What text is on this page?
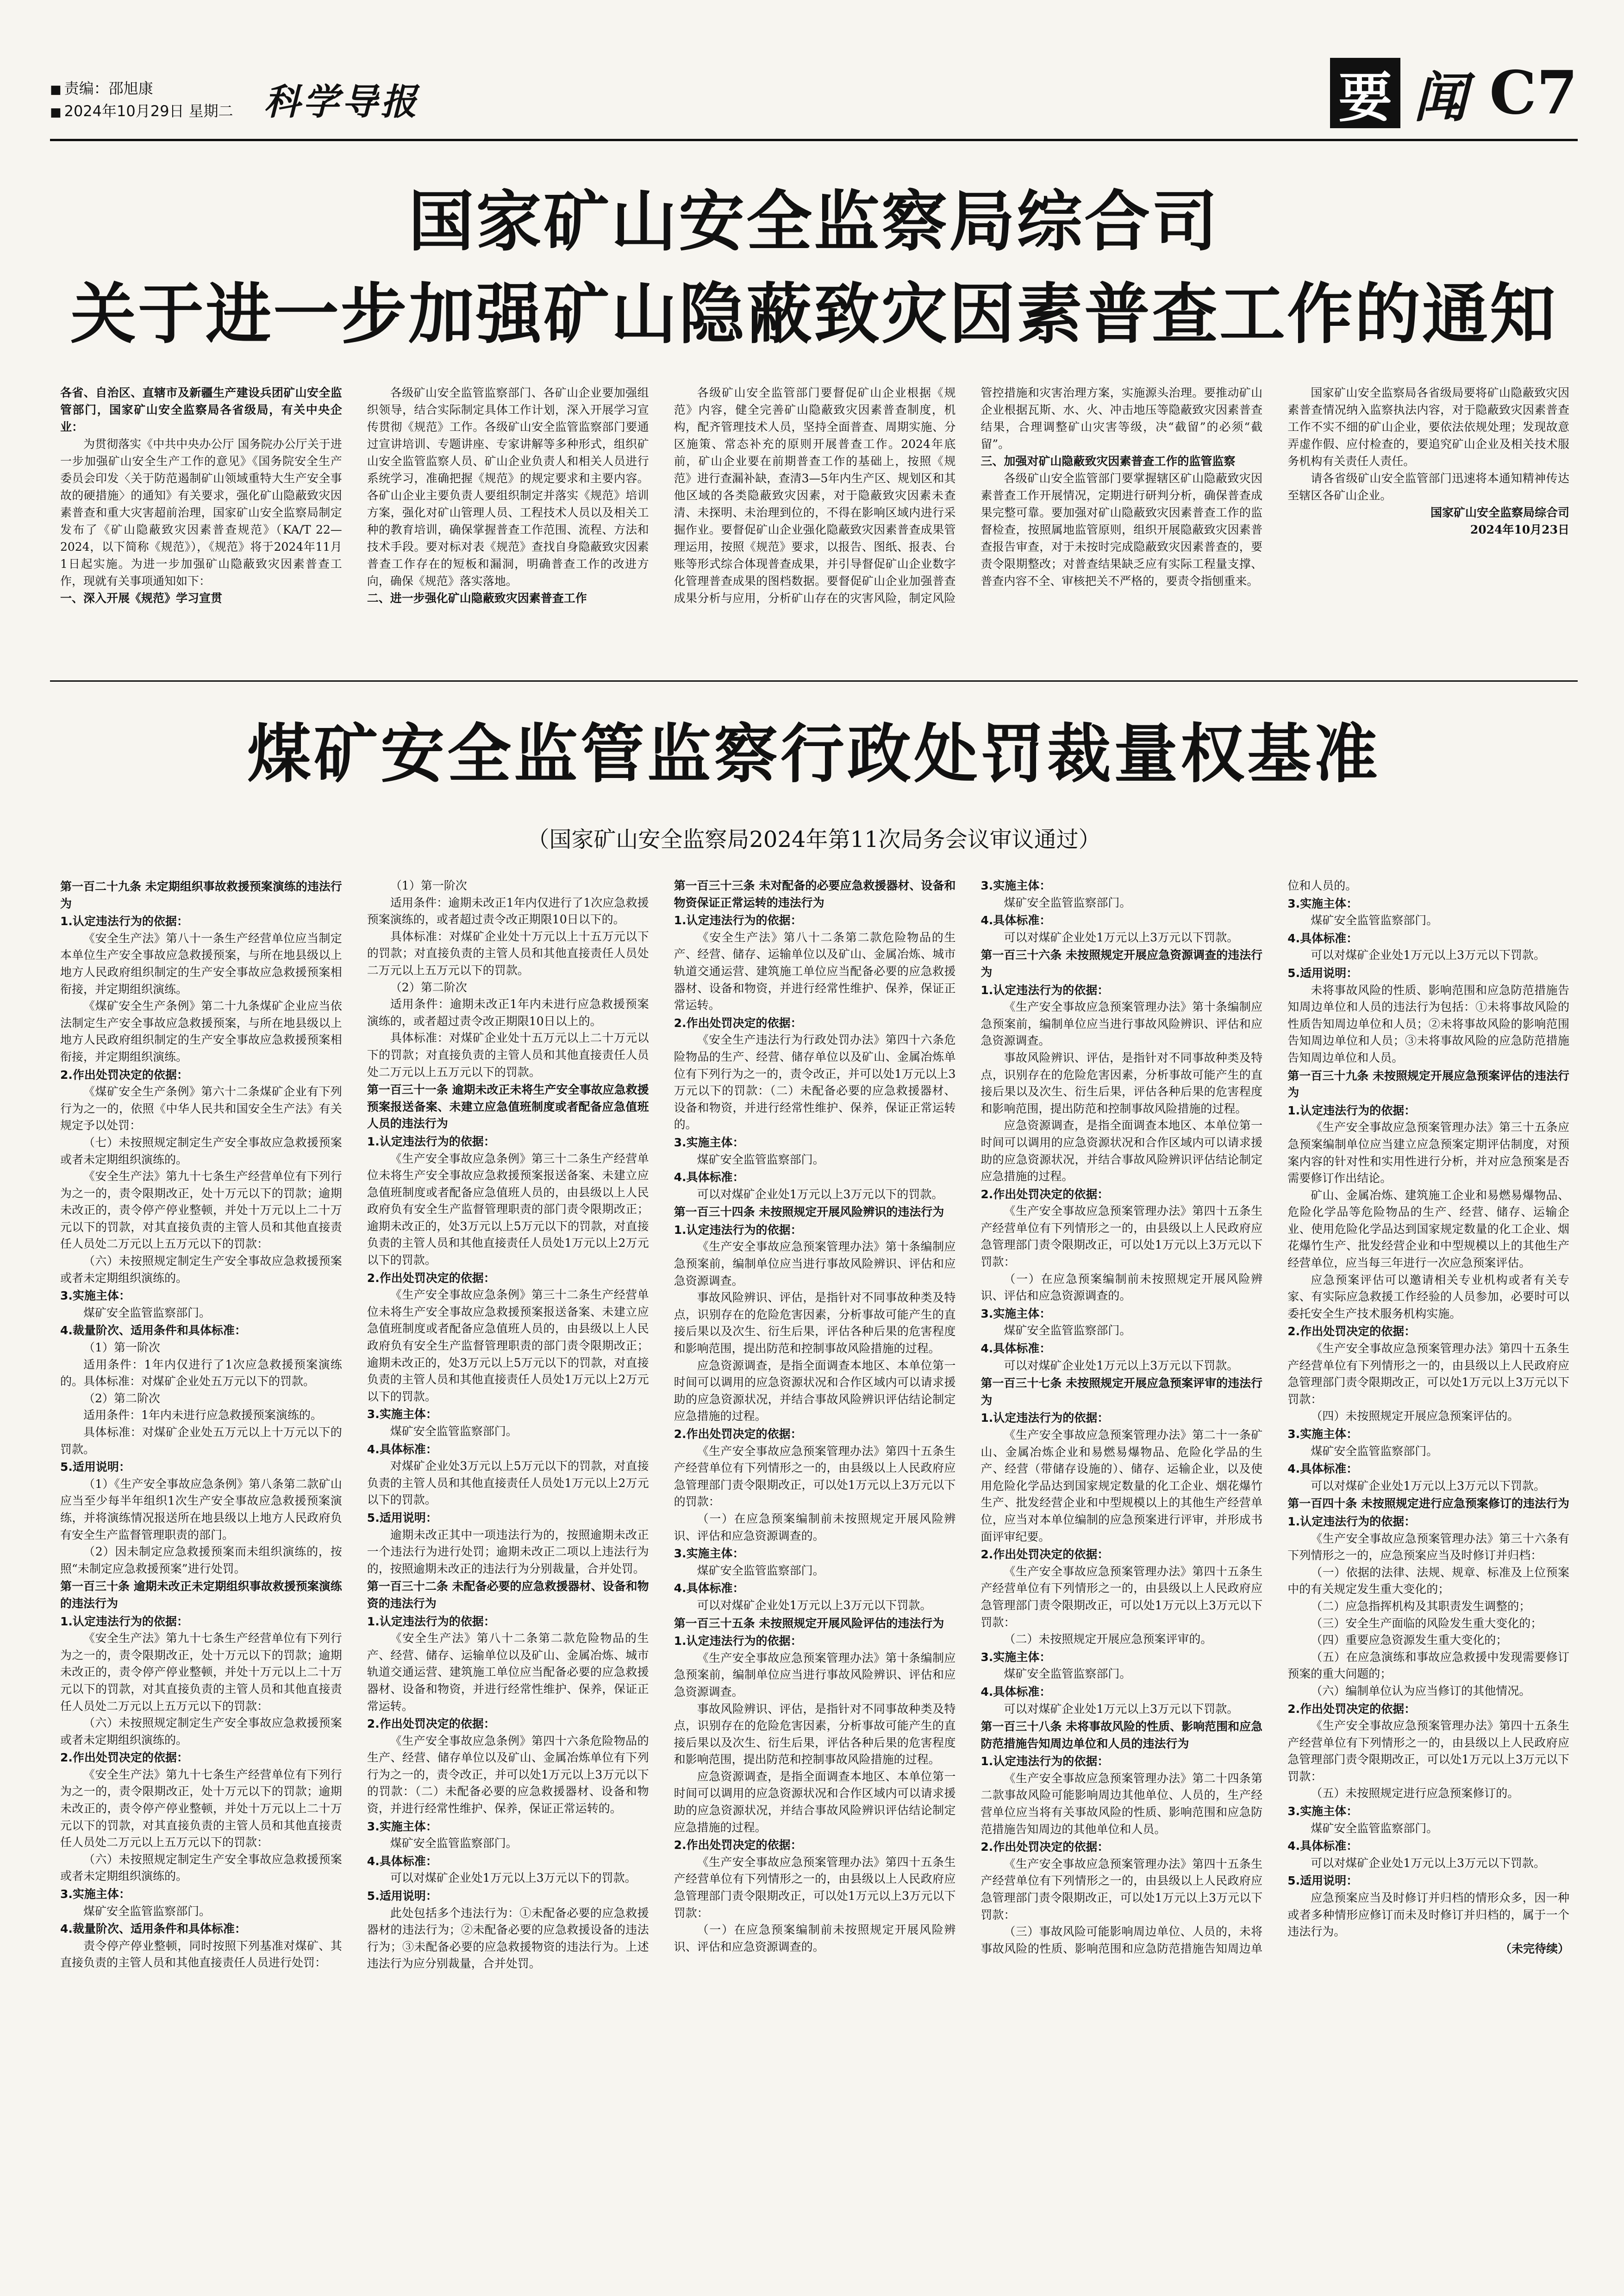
■ 责编：邵旭康
■ 2024年10月29日 星期二 科学导报	要 闻 C7
国家矿山安全监察局综合司
关于进一步加强矿山隐蔽致灾因素普查工作的通知

各省、自治区、直辖市及新疆生产建设兵团矿山安全监管部门，国家矿山安全监察局各省级局，有关中央企业：

为贯彻落实《中共中央办公厅 国务院办公厅关于进一步加强矿山安全生产工作的意见》《国务院安全生产委员会印发〈关于防范遏制矿山领域重特大生产安全事故的硬措施〉的通知》有关要求，强化矿山隐蔽致灾因素普查和重大灾害超前治理，国家矿山安全监察局制定发布了《矿山隐蔽致灾因素普查规范》（KA/T 22—2024，以下简称《规范》），《规范》将于2024年11月1日起实施。为进一步加强矿山隐蔽致灾因素普查工作，现就有关事项通知如下：

一、深入开展《规范》学习宣贯

各级矿山安全监管监察部门、各矿山企业要加强组织领导，结合实际制定具体工作计划，深入开展学习宣传贯彻《规范》工作。各级矿山安全监管监察部门要通过宣讲培训、专题讲座、专家讲解等多种形式，组织矿山安全监管监察人员、矿山企业负责人和相关人员进行系统学习，准确把握《规范》的规定要求和主要内容。各矿山企业主要负责人要组织制定并落实《规范》培训方案，强化对矿山管理人员、工程技术人员以及相关工种的教育培训，确保掌握普查工作范围、流程、方法和技术手段。要对标对表《规范》查找自身隐蔽致灾因素普查工作存在的短板和漏洞，明确普查工作的改进方向，确保《规范》落实落地。

二、进一步强化矿山隐蔽致灾因素普查工作

各级矿山安全监管部门要督促矿山企业根据《规范》内容，健全完善矿山隐蔽致灾因素普查制度，机构，配齐管理技术人员，坚持全面普查、周期实施、分区施策、常态补充的原则开展普查工作。2024年底前，矿山企业要在前期普查工作的基础上，按照《规范》进行查漏补缺，查清3—5年内生产区、规划区和其他区域的各类隐蔽致灾因素，对于隐蔽致灾因素未查清、未探明、未治理到位的，不得在影响区域内进行采掘作业。要督促矿山企业强化隐蔽致灾因素普查成果管理运用，按照《规范》要求，以报告、图纸、报表、台账等形式综合体现普查成果，并引导督促矿山企业数字化管理普查成果的图档数据。要督促矿山企业加强普查成果分析与应用，分析矿山存在的灾害风险，制定风险管控措施和灾害治理方案，实施源头治理。要推动矿山企业根据瓦斯、水、火、冲击地压等隐蔽致灾因素普查结果，合理调整矿山灾害等级，决“截留”的必须“截留”。

三、加强对矿山隐蔽致灾因素普查工作的监管监察

各级矿山安全监管部门要掌握辖区矿山隐蔽致灾因素普查工作开展情况，定期进行研判分析，确保普查成果完整可靠。要加强对矿山隐蔽致灾因素普查工作的监督检查，按照属地监管原则，组织开展隐蔽致灾因素普查报告审查，对于未按时完成隐蔽致灾因素普查的，要责令限期整改；对普查结果缺乏应有实际工程量支撑、普查内容不全、审核把关不严格的，要责令指刨重来。

国家矿山安全监察局各省级局要将矿山隐蔽致灾因素普查情况纳入监察执法内容，对于隐蔽致灾因素普查工作不实不细的矿山企业，要依法依规处理；发现故意弄虚作假、应付检查的，要追究矿山企业及相关技术服务机构有关责任人责任。

请各省级矿山安全监管部门迅速将本通知精神传达至辖区各矿山企业。

国家矿山安全监察局综合司

2024年10月23日

煤矿安全监管监察行政处罚裁量权基准
（国家矿山安全监察局2024年第11次局务会议审议通过）
第一百二十九条 未定期组织事故救援预案演练的违法行为
1.认定违法行为的依据：

《安全生产法》第八十一条生产经营单位应当制定本单位生产安全事故应急救援预案，与所在地县级以上地方人民政府组织制定的生产安全事故应急救援预案相衔接，并定期组织演练。

《煤矿安全生产条例》第二十九条煤矿企业应当依法制定生产安全事故应急救援预案，与所在地县级以上地方人民政府组织制定的生产安全事故应急救援预案相衔接，并定期组织演练。

2.作出处罚决定的依据：

《煤矿安全生产条例》第六十二条煤矿企业有下列行为之一的，依照《中华人民共和国安全生产法》有关规定予以处罚：

（七）未按照规定制定生产安全事故应急救援预案或者未定期组织演练的。

《安全生产法》第九十七条生产经营单位有下列行为之一的，责令限期改正，处十万元以下的罚款；逾期未改正的，责令停产停业整顿，并处十万元以上二十万元以下的罚款，对其直接负责的主管人员和其他直接责任人员处二万元以上五万元以下的罚款：

（六）未按照规定制定生产安全事故应急救援预案或者未定期组织演练的。

3.实施主体：

煤矿安全监管监察部门。

4.裁量阶次、适用条件和具体标准：

（1）第一阶次

适用条件：1年内仅进行了1次应急救援预案演练的。具体标准：对煤矿企业处五万元以下的罚款。

（2）第二阶次

适用条件：1年内未进行应急救援预案演练的。

具体标准：对煤矿企业处五万元以上十万元以下的罚款。

5.适用说明：

（1）《生产安全事故应急条例》第八条第二款矿山应当至少每半年组织1次生产安全事故应急救援预案演练，并将演练情况报送所在地县级以上地方人民政府负有安全生产监督管理职责的部门。

（2）因未制定应急救援预案而未组织演练的，按照“未制定应急救援预案”进行处罚。

第一百三十条 逾期未改正未定期组织事故救援预案演练的违法行为
1.认定违法行为的依据：

《安全生产法》第九十七条生产经营单位有下列行为之一的，责令限期改正，处十万元以下的罚款；逾期未改正的，责令停产停业整顿，并处十万元以上二十万元以下的罚款，对其直接负责的主管人员和其他直接责任人员处二万元以上五万元以下的罚款：

（六）未按照规定制定生产安全事故应急救援预案或者未定期组织演练的。

2.作出处罚决定的依据：

《安全生产法》第九十七条生产经营单位有下列行为之一的，责令限期改正，处十万元以下的罚款；逾期未改正的，责令停产停业整顿，并处十万元以上二十万元以下的罚款，对其直接负责的主管人员和其他直接责任人员处二万元以上五万元以下的罚款：

（六）未按照规定制定生产安全事故应急救援预案或者未定期组织演练的。

3.实施主体：

煤矿安全监管监察部门。

4.裁量阶次、适用条件和具体标准：

责令停产停业整顿，同时按照下列基准对煤矿、其直接负责的主管人员和其他直接责任人员进行处罚：

（1）第一阶次

适用条件：逾期未改正1年内仅进行了1次应急救援预案演练的，或者超过责令改正期限10日以下的。

具体标准：对煤矿企业处十万元以上十五万元以下的罚款；对直接负责的主管人员和其他直接责任人员处二万元以上五万元以下的罚款。

（2）第二阶次

适用条件：逾期未改正1年内未进行应急救援预案演练的，或者超过责令改正期限10日以上的。

具体标准：对煤矿企业处十五万元以上二十万元以下的罚款；对直接负责的主管人员和其他直接责任人员处二万元以上五万元以下的罚款。

第一百三十一条 逾期未改正未将生产安全事故应急救援预案报送备案、未建立应急值班制度或者配备应急值班人员的违法行为
1.认定违法行为的依据：

《生产安全事故应急条例》第三十二条生产经营单位未将生产安全事故应急救援预案报送备案、未建立应急值班制度或者配备应急值班人员的，由县级以上人民政府负有安全生产监督管理职责的部门责令限期改正；逾期未改正的，处3万元以上5万元以下的罚款，对直接负责的主管人员和其他直接责任人员处1万元以上2万元以下的罚款。

2.作出处罚决定的依据：

《生产安全事故应急条例》第三十二条生产经营单位未将生产安全事故应急救援预案报送备案、未建立应急值班制度或者配备应急值班人员的，由县级以上人民政府负有安全生产监督管理职责的部门责令限期改正；逾期未改正的，处3万元以上5万元以下的罚款，对直接负责的主管人员和其他直接责任人员处1万元以上2万元以下的罚款。

3.实施主体：

煤矿安全监管监察部门。

4.具体标准：

对煤矿企业处3万元以上5万元以下的罚款，对直接负责的主管人员和其他直接责任人员处1万元以上2万元以下的罚款。

5.适用说明：

逾期未改正其中一项违法行为的，按照逾期未改正一个违法行为进行处罚；逾期未改正二项以上违法行为的，按照逾期未改正的违法行为分别裁量，合并处罚。

第一百三十二条 未配备必要的应急救援器材、设备和物资的违法行为
1.认定违法行为的依据：

《安全生产法》第八十二条第二款危险物品的生产、经营、储存、运输单位以及矿山、金属冶炼、城市轨道交通运营、建筑施工单位应当配备必要的应急救援器材、设备和物资，并进行经常性维护、保养，保证正常运转。

2.作出处罚决定的依据：

《生产安全事故应急条例》第四十六条危险物品的生产、经营、储存单位以及矿山、金属冶炼单位有下列行为之一的，责令改正，并可以处1万元以上3万元以下的罚款：（二）未配备必要的应急救援器材、设备和物资，并进行经常性维护、保养，保证正常运转的。

3.实施主体：

煤矿安全监管监察部门。

4.具体标准：

可以对煤矿企业处1万元以上3万元以下的罚款。

5.适用说明：

此处包括多个违法行为：①未配备必要的应急救援器材的违法行为；②未配备必要的应急救援设备的违法行为；③未配备必要的应急救援物资的违法行为。上述违法行为应分别裁量，合并处罚。

第一百三十三条 未对配备的必要应急救援器材、设备和物资保证正常运转的违法行为
1.认定违法行为的依据：

《安全生产法》第八十二条第二款危险物品的生产、经营、储存、运输单位以及矿山、金属冶炼、城市轨道交通运营、建筑施工单位应当配备必要的应急救援器材、设备和物资，并进行经常性维护、保养，保证正常运转。

2.作出处罚决定的依据：

《安全生产违法行为行政处罚办法》第四十六条危险物品的生产、经营、储存单位以及矿山、金属冶炼单位有下列行为之一的，责令改正，并可以处1万元以上3万元以下的罚款：（二）未配备必要的应急救援器材、设备和物资，并进行经常性维护、保养，保证正常运转的。

3.实施主体：

煤矿安全监管监察部门。

4.具体标准：

可以对煤矿企业处1万元以上3万元以下的罚款。

第一百三十四条 未按照规定开展风险辨识的违法行为
1.认定违法行为的依据：

《生产安全事故应急预案管理办法》第十条编制应急预案前，编制单位应当进行事故风险辨识、评估和应急资源调查。

事故风险辨识、评估，是指针对不同事故种类及特点，识别存在的危险危害因素，分析事故可能产生的直接后果以及次生、衍生后果，评估各种后果的危害程度和影响范围，提出防范和控制事故风险措施的过程。

应急资源调查，是指全面调查本地区、本单位第一时间可以调用的应急资源状况和合作区域内可以请求援助的应急资源状况，并结合事故风险辨识评估结论制定应急措施的过程。

2.作出处罚决定的依据：

《生产安全事故应急预案管理办法》第四十五条生产经营单位有下列情形之一的，由县级以上人民政府应急管理部门责令限期改正，可以处1万元以上3万元以下的罚款：

（一）在应急预案编制前未按照规定开展风险辨识、评估和应急资源调查的。

3.实施主体：

煤矿安全监管监察部门。

4.具体标准：

可以对煤矿企业处1万元以上3万元以下罚款。

第一百三十五条 未按照规定开展风险评估的违法行为
1.认定违法行为的依据：

《生产安全事故应急预案管理办法》第十条编制应急预案前，编制单位应当进行事故风险辨识、评估和应急资源调查。

事故风险辨识、评估，是指针对不同事故种类及特点，识别存在的危险危害因素，分析事故可能产生的直接后果以及次生、衍生后果，评估各种后果的危害程度和影响范围，提出防范和控制事故风险措施的过程。

应急资源调查，是指全面调查本地区、本单位第一时间可以调用的应急资源状况和合作区域内可以请求援助的应急资源状况，并结合事故风险辨识评估结论制定应急措施的过程。

2.作出处罚决定的依据：

《生产安全事故应急预案管理办法》第四十五条生产经营单位有下列情形之一的，由县级以上人民政府应急管理部门责令限期改正，可以处1万元以上3万元以下罚款：

（一）在应急预案编制前未按照规定开展风险辨识、评估和应急资源调查的。

3.实施主体：

煤矿安全监管监察部门。

4.具体标准：

可以对煤矿企业处1万元以上3万元以下罚款。

第一百三十六条 未按照规定开展应急资源调查的违法行为
1.认定违法行为的依据：

《生产安全事故应急预案管理办法》第十条编制应急预案前，编制单位应当进行事故风险辨识、评估和应急资源调查。

事故风险辨识、评估，是指针对不同事故种类及特点，识别存在的危险危害因素，分析事故可能产生的直接后果以及次生、衍生后果，评估各种后果的危害程度和影响范围，提出防范和控制事故风险措施的过程。

应急资源调查，是指全面调查本地区、本单位第一时间可以调用的应急资源状况和合作区域内可以请求援助的应急资源状况，并结合事故风险辨识评估结论制定应急措施的过程。

2.作出处罚决定的依据：

《生产安全事故应急预案管理办法》第四十五条生产经营单位有下列情形之一的，由县级以上人民政府应急管理部门责令限期改正，可以处1万元以上3万元以下罚款：

（一）在应急预案编制前未按照规定开展风险辨识、评估和应急资源调查的。

3.实施主体：

煤矿安全监管监察部门。

4.具体标准：

可以对煤矿企业处1万元以上3万元以下罚款。

第一百三十七条 未按照规定开展应急预案评审的违法行为
1.认定违法行为的依据：

《生产安全事故应急预案管理办法》第二十一条矿山、金属冶炼企业和易燃易爆物品、危险化学品的生产、经营（带储存设施的）、储存、运输企业，以及使用危险化学品达到国家规定数量的化工企业、烟花爆竹生产、批发经营企业和中型规模以上的其他生产经营单位，应当对本单位编制的应急预案进行评审，并形成书面评审纪要。

2.作出处罚决定的依据：

《生产安全事故应急预案管理办法》第四十五条生产经营单位有下列情形之一的，由县级以上人民政府应急管理部门责令限期改正，可以处1万元以上3万元以下罚款：

（二）未按照规定开展应急预案评审的。

3.实施主体：

煤矿安全监管监察部门。

4.具体标准：

可以对煤矿企业处1万元以上3万元以下罚款。

第一百三十八条 未将事故风险的性质、影响范围和应急防范措施告知周边单位和人员的违法行为
1.认定违法行为的依据：

《生产安全事故应急预案管理办法》第二十四条第二款事故风险可能影响周边其他单位、人员的，生产经营单位应当将有关事故风险的性质、影响范围和应急防范措施告知周边的其他单位和人员。

2.作出处罚决定的依据：

《生产安全事故应急预案管理办法》第四十五条生产经营单位有下列情形之一的，由县级以上人民政府应急管理部门责令限期改正，可以处1万元以上3万元以下罚款：

（三）事故风险可能影响周边单位、人员的，未将事故风险的性质、影响范围和应急防范措施告知周边单位和人员的。

3.实施主体：

煤矿安全监管监察部门。

4.具体标准：

可以对煤矿企业处1万元以上3万元以下罚款。

5.适用说明：

未将事故风险的性质、影响范围和应急防范措施告知周边单位和人员的违法行为包括：①未将事故风险的性质告知周边单位和人员；②未将事故风险的影响范围告知周边单位和人员；③未将事故风险的应急防范措施告知周边单位和人员。

第一百三十九条 未按照规定开展应急预案评估的违法行为
1.认定违法行为的依据：

《生产安全事故应急预案管理办法》第三十五条应急预案编制单位应当建立应急预案定期评估制度，对预案内容的针对性和实用性进行分析，并对应急预案是否需要修订作出结论。

矿山、金属冶炼、建筑施工企业和易燃易爆物品、危险化学品等危险物品的生产、经营、储存、运输企业、使用危险化学品达到国家规定数量的化工企业、烟花爆竹生产、批发经营企业和中型规模以上的其他生产经营单位，应当每三年进行一次应急预案评估。

应急预案评估可以邀请相关专业机构或者有关专家、有实际应急救援工作经验的人员参加，必要时可以委托安全生产技术服务机构实施。

2.作出处罚决定的依据：

《生产安全事故应急预案管理办法》第四十五条生产经营单位有下列情形之一的，由县级以上人民政府应急管理部门责令限期改正，可以处1万元以上3万元以下罚款：

（四）未按照规定开展应急预案评估的。

3.实施主体：

煤矿安全监管监察部门。

4.具体标准：

可以对煤矿企业处1万元以上3万元以下罚款。

第一百四十条 未按照规定进行应急预案修订的违法行为
1.认定违法行为的依据：

《生产安全事故应急预案管理办法》第三十六条有下列情形之一的，应急预案应当及时修订并归档：

（一）依据的法律、法规、规章、标准及上位预案中的有关规定发生重大变化的；

（二）应急指挥机构及其职责发生调整的；

（三）安全生产面临的风险发生重大变化的；

（四）重要应急资源发生重大变化的；

（五）在应急演练和事故应急救援中发现需要修订预案的重大问题的；

（六）编制单位认为应当修订的其他情况。

2.作出处罚决定的依据：

《生产安全事故应急预案管理办法》第四十五条生产经营单位有下列情形之一的，由县级以上人民政府应急管理部门责令限期改正，可以处1万元以上3万元以下罚款：

（五）未按照规定进行应急预案修订的。

3.实施主体：

煤矿安全监管监察部门。

4.具体标准：

可以对煤矿企业处1万元以上3万元以下罚款。

5.适用说明：

应急预案应当及时修订并归档的情形众多，因一种或者多种情形应修订而未及时修订并归档的，属于一个违法行为。

（未完待续）
